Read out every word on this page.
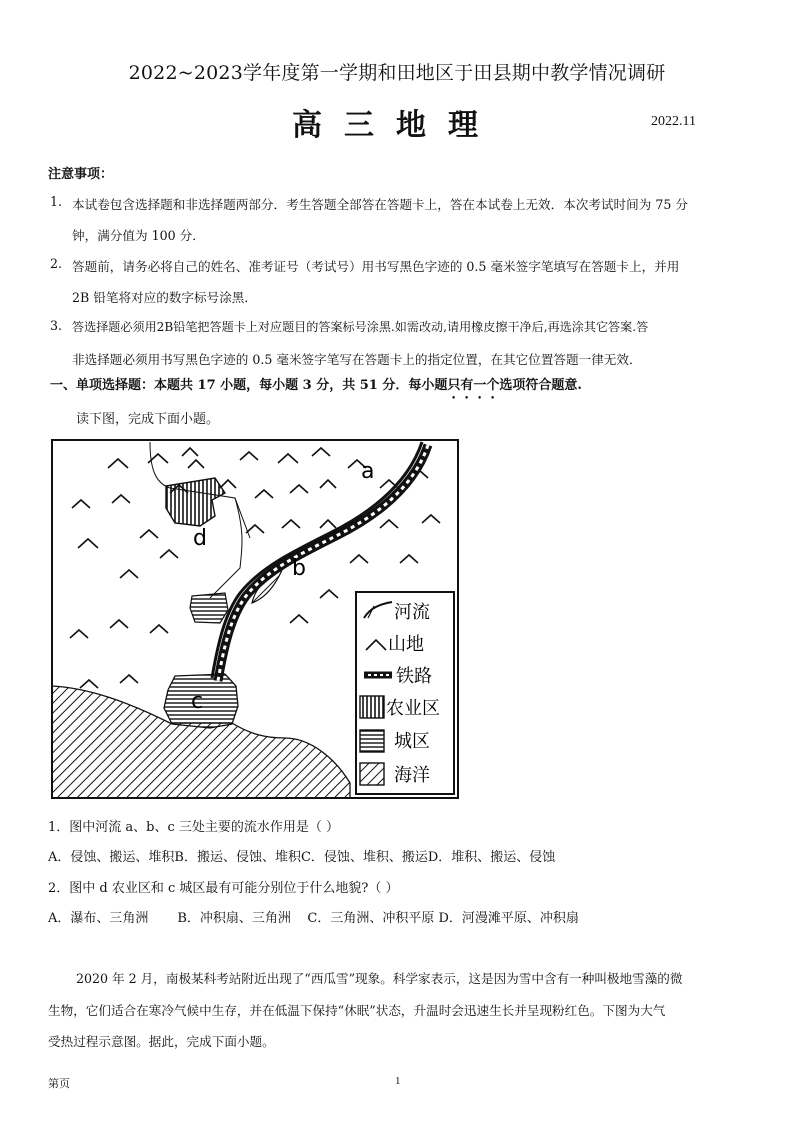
2022~2023学年度第一学期和田地区于田县期中教学情况调研
高三地理	2022.11
注意事项：
1. 本试卷包含选择题和非选择题两部分．考生答题全部答在答题卡上，答在本试卷上无效．本次考试时间为 75 分
钟，满分值为 100 分．
2. 答题前，请务必将自己的姓名、准考证号（考试号）用书写黑色字迹的 0.5 毫米签字笔填写在答题卡上，并用
2B 铅笔将对应的数字标号涂黑．
3. 答选择题必须用2B铅笔把答题卡上对应题目的答案标号涂黑.如需改动,请用橡皮擦干净后,再选涂其它答案.答
非选择题必须用书写黑色字迹的 0.5 毫米签字笔写在答题卡上的指定位置，在其它位置答题一律无效．
一、单项选择题：本题共 17 小题，每小题 3 分，共 51 分．每小题只有一个选项符合题意.
读下图，完成下面小题。
a
b
c
d
河流
山地
铁路
农业区
城区
海洋
1．图中河流 a、b、c 三处主要的流水作用是（ ）
A．侵蚀、搬运、堆积B．搬运、侵蚀、堆积C．侵蚀、堆积、搬运D．堆积、搬运、侵蚀
2．图中 d 农业区和 c 城区最有可能分别位于什么地貌?（ ）
A．瀑布、三角洲       B．冲积扇、三角洲    C．三角洲、冲积平原 D．河漫滩平原、冲积扇
2020 年 2 月，南极某科考站附近出现了“西瓜雪”现象。科学家表示，这是因为雪中含有一种叫极地雪藻的微
生物，它们适合在寒冷气候中生存，并在低温下保持“休眠”状态，升温时会迅速生长并呈现粉红色。下图为大气
受热过程示意图。据此，完成下面小题。
第页	1
